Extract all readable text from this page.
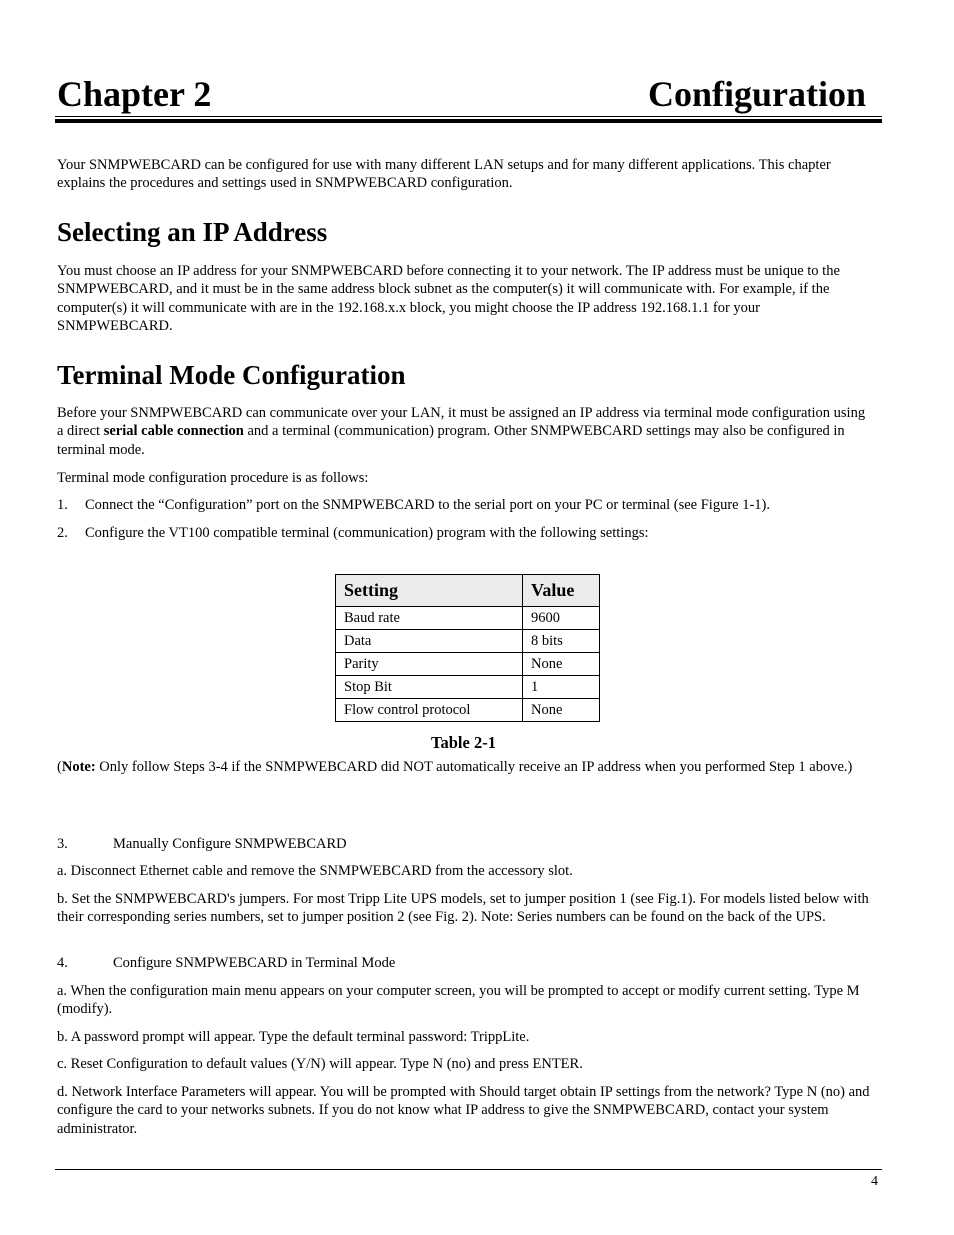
Chapter 2	Configuration

Your SNMPWEBCARD can be configured for use with many different LAN setups and for many different applications. This chapter explains the procedures and settings used in SNMPWEBCARD configuration.

Selecting an IP Address

You must choose an IP address for your SNMPWEBCARD before connecting it to your network. The IP address must be unique to the SNMPWEBCARD, and it must be in the same address block subnet as the computer(s) it will communicate with. For example, if the computer(s) it will communicate with are in the 192.168.x.x block, you might choose the IP address 192.168.1.1 for your SNMPWEBCARD.

Terminal Mode Configuration

Before your SNMPWEBCARD can communicate over your LAN, it must be assigned an IP address via terminal mode configuration using a direct serial cable connection and a terminal (communication) program. Other SNMPWEBCARD settings may also be configured in terminal mode.

Terminal mode configuration procedure is as follows:

1. Connect the “Configuration” port on the SNMPWEBCARD to the serial port on your PC or terminal (see Figure 1-1).
2. Configure the VT100 compatible terminal (communication) program with the following settings:
Setting	Value
Baud rate	9600
Data	8 bits
Parity	None
Stop Bit	1
Flow control protocol	None
Table 2-1

(Note: Only follow Steps 3-4 if the SNMPWEBCARD did NOT automatically receive an IP address when you performed Step 1 above.)

3.	Manually Configure SNMPWEBCARD

a. Disconnect Ethernet cable and remove the SNMPWEBCARD from the accessory slot.

b. Set the SNMPWEBCARD's jumpers. For most Tripp Lite UPS models, set to jumper position 1 (see Fig.1). For models listed below with their corresponding series numbers, set to jumper position 2 (see Fig. 2). Note: Series numbers can be found on the back of the UPS.

4.	Configure SNMPWEBCARD in Terminal Mode

a. When the configuration main menu appears on your computer screen, you will be prompted to accept or modify current setting. Type M (modify).

b. A password prompt will appear. Type the default terminal password: TrippLite.

c. Reset Configuration to default values (Y/N) will appear. Type N (no) and press ENTER.

d. Network Interface Parameters will appear. You will be prompted with Should target obtain IP settings from the network? Type N (no) and configure the card to your networks subnets. If you do not know what IP address to give the SNMPWEBCARD, contact your system administrator.

4
